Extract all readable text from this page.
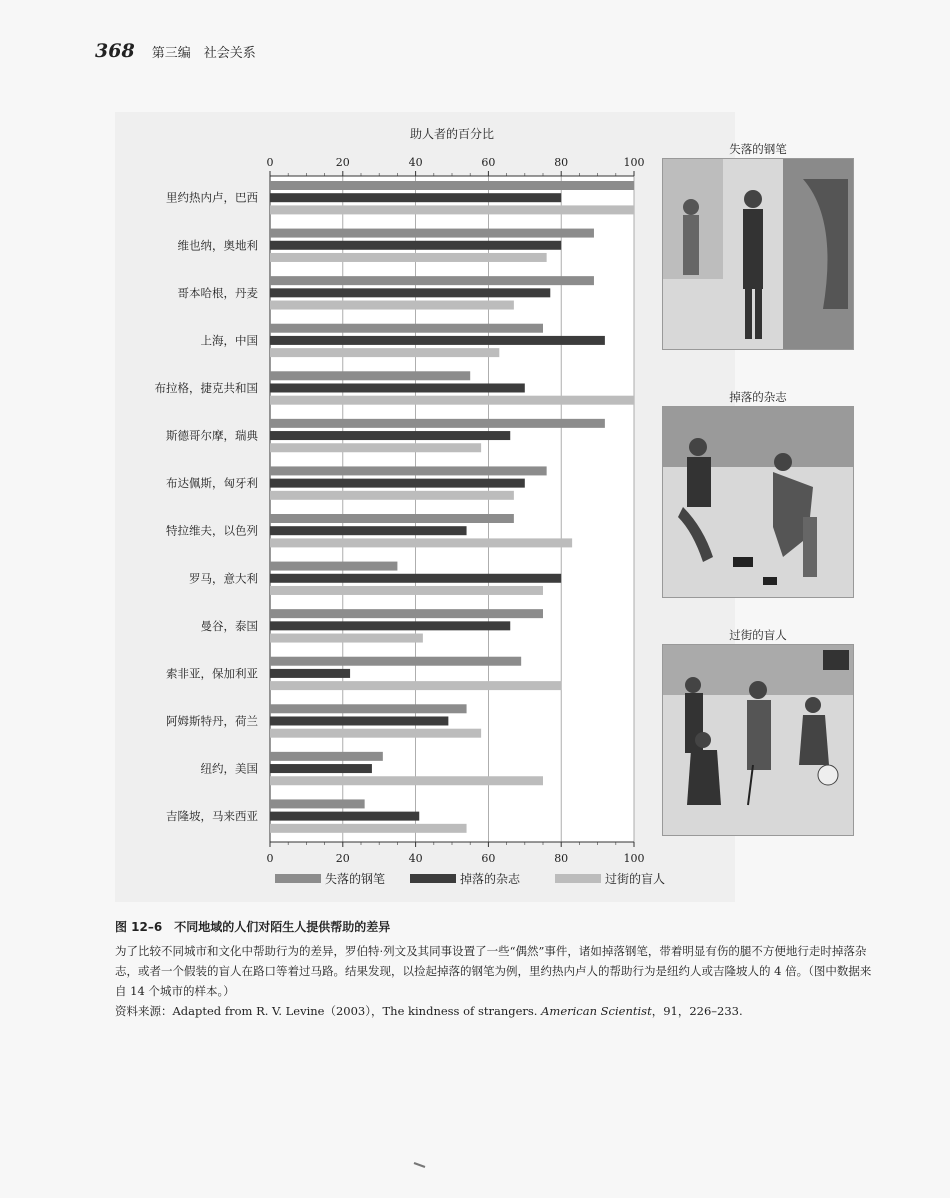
368 第三编　社会关系
0
0
20
20
40
40
60
60
80
80
100
100
助人者的百分比
里约热内卢，巴西
维也纳，奥地利
哥本哈根，丹麦
上海，中国
布拉格，捷克共和国
斯德哥尔摩，瑞典
布达佩斯，匈牙利
特拉维夫，以色列
罗马，意大利
曼谷，泰国
索非亚，保加利亚
阿姆斯特丹，荷兰
纽约，美国
吉隆坡，马来西亚
失落的钢笔	掉落的杂志	过街的盲人
失落的钢笔
掉落的杂志
过街的盲人
图 12–6　不同地域的人们对陌生人提供帮助的差异
为了比较不同城市和文化中帮助行为的差异，罗伯特·列文及其同事设置了一些“偶然”事件，诸如掉落钢笔，带着明显有伤的腿不方便地行走时掉落杂志，或者一个假装的盲人在路口等着过马路。结果发现，以捡起掉落的钢笔为例，里约热内卢人的帮助行为是纽约人或吉隆坡人的 4 倍。（图中数据来自 14 个城市的样本。）
资料来源：Adapted from R. V. Levine（2003），The kindness of strangers. American Scientist，91，226–233.
